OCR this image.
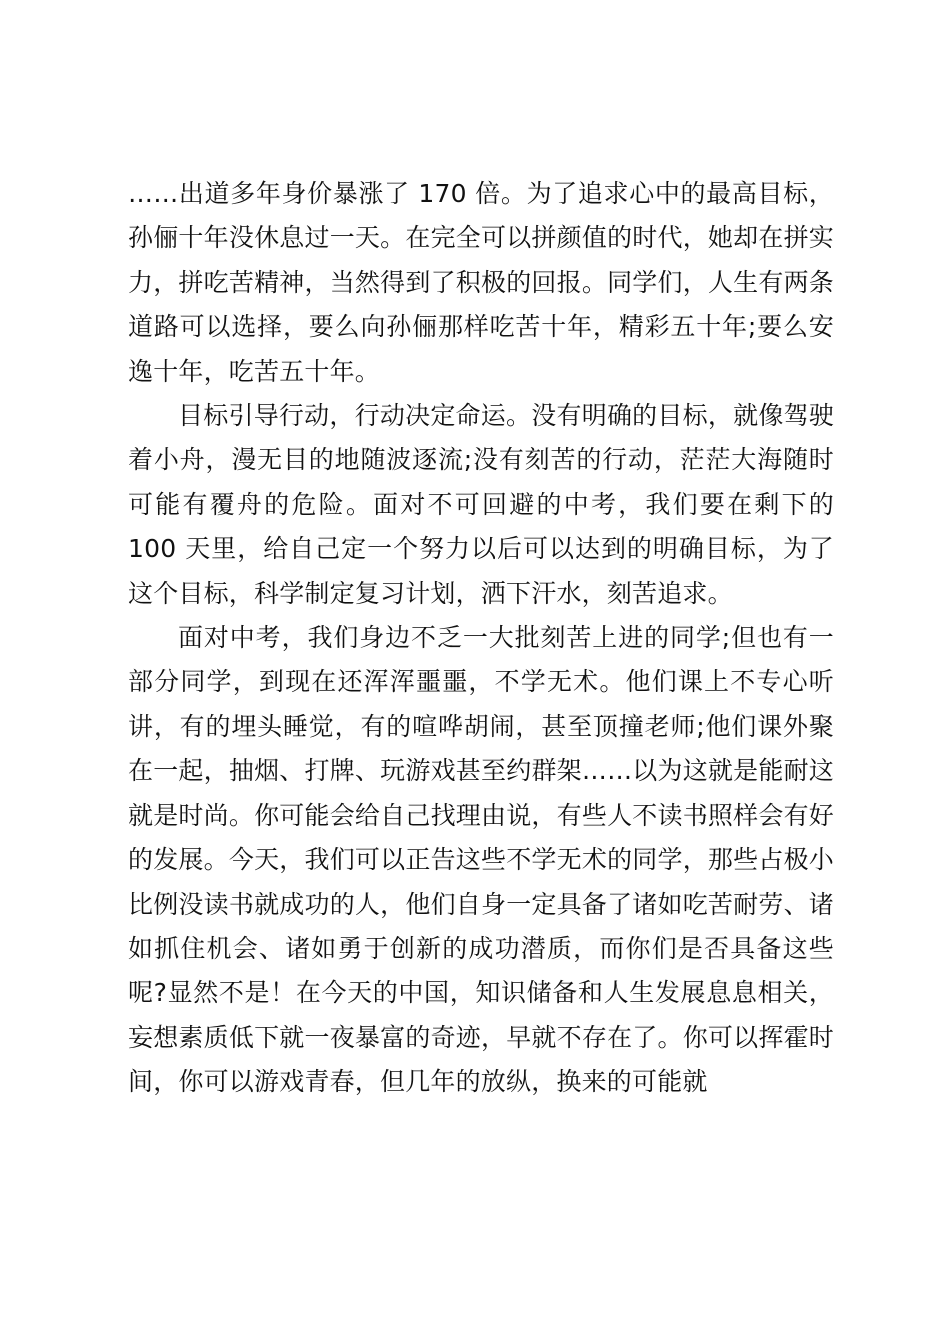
……出道多年身价暴涨了 170 倍。为了追求心中的最高目标，孙俪十年没休息过一天。在完全可以拼颜值的时代，她却在拼实力，拼吃苦精神，当然得到了积极的回报。同学们，人生有两条道路可以选择，要么向孙俪那样吃苦十年，精彩五十年;要么安逸十年，吃苦五十年。

目标引导行动，行动决定命运。没有明确的目标，就像驾驶着小舟，漫无目的地随波逐流;没有刻苦的行动，茫茫大海随时可能有覆舟的危险。面对不可回避的中考，我们要在剩下的 100 天里，给自己定一个努力以后可以达到的明确目标，为了这个目标，科学制定复习计划，洒下汗水，刻苦追求。

面对中考，我们身边不乏一大批刻苦上进的同学;但也有一部分同学，到现在还浑浑噩噩，不学无术。他们课上不专心听讲，有的埋头睡觉，有的喧哗胡闹，甚至顶撞老师;他们课外聚在一起，抽烟、打牌、玩游戏甚至约群架……以为这就是能耐这就是时尚。你可能会给自己找理由说，有些人不读书照样会有好的发展。今天，我们可以正告这些不学无术的同学，那些占极小比例没读书就成功的人，他们自身一定具备了诸如吃苦耐劳、诸如抓住机会、诸如勇于创新的成功潜质，而你们是否具备这些呢?显然不是！在今天的中国，知识储备和人生发展息息相关，妄想素质低下就一夜暴富的奇迹，早就不存在了。你可以挥霍时间，你可以游戏青春，但几年的放纵，换来的可能就
